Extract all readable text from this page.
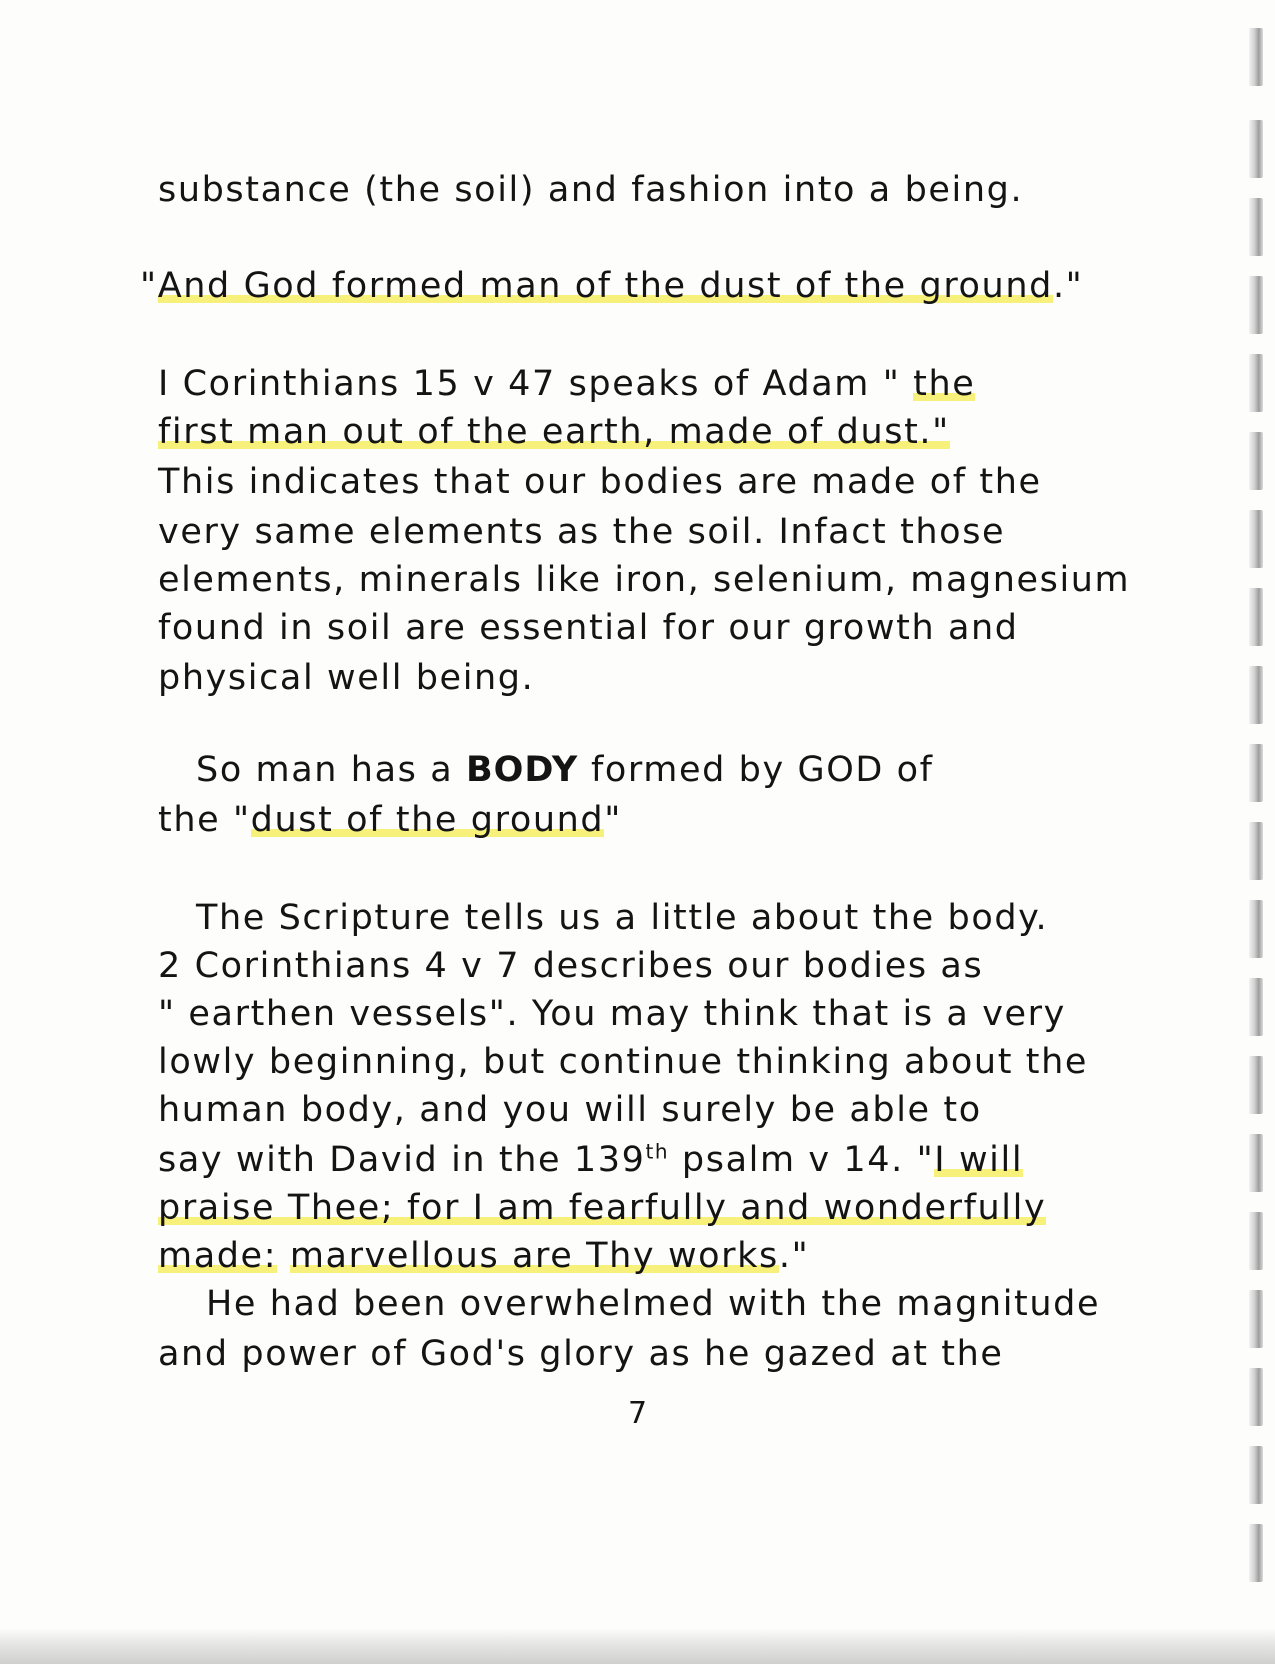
substance (the soil) and fashion into a being.
"And God formed man of the dust of the ground."
I Corinthians 15 v 47 speaks of Adam " the
first man out of the earth, made of dust."
This indicates that our bodies are made of the
very same elements as the soil. Infact those
elements, minerals like iron, selenium, magnesium
found in soil are essential for our growth and
physical well being.
So man has a BODY formed by GOD of
the "dust of the ground"
The Scripture tells us a little about the body.
2 Corinthians 4 v 7 describes our bodies as
" earthen vessels". You may think that is a very
lowly beginning, but continue thinking about the
human body, and you will surely be able to
say with David in the 139th psalm v 14. "I will
praise Thee; for I am fearfully and wonderfully
made: marvellous are Thy works."
He had been overwhelmed with the magnitude
and power of God's glory as he gazed at the
7
